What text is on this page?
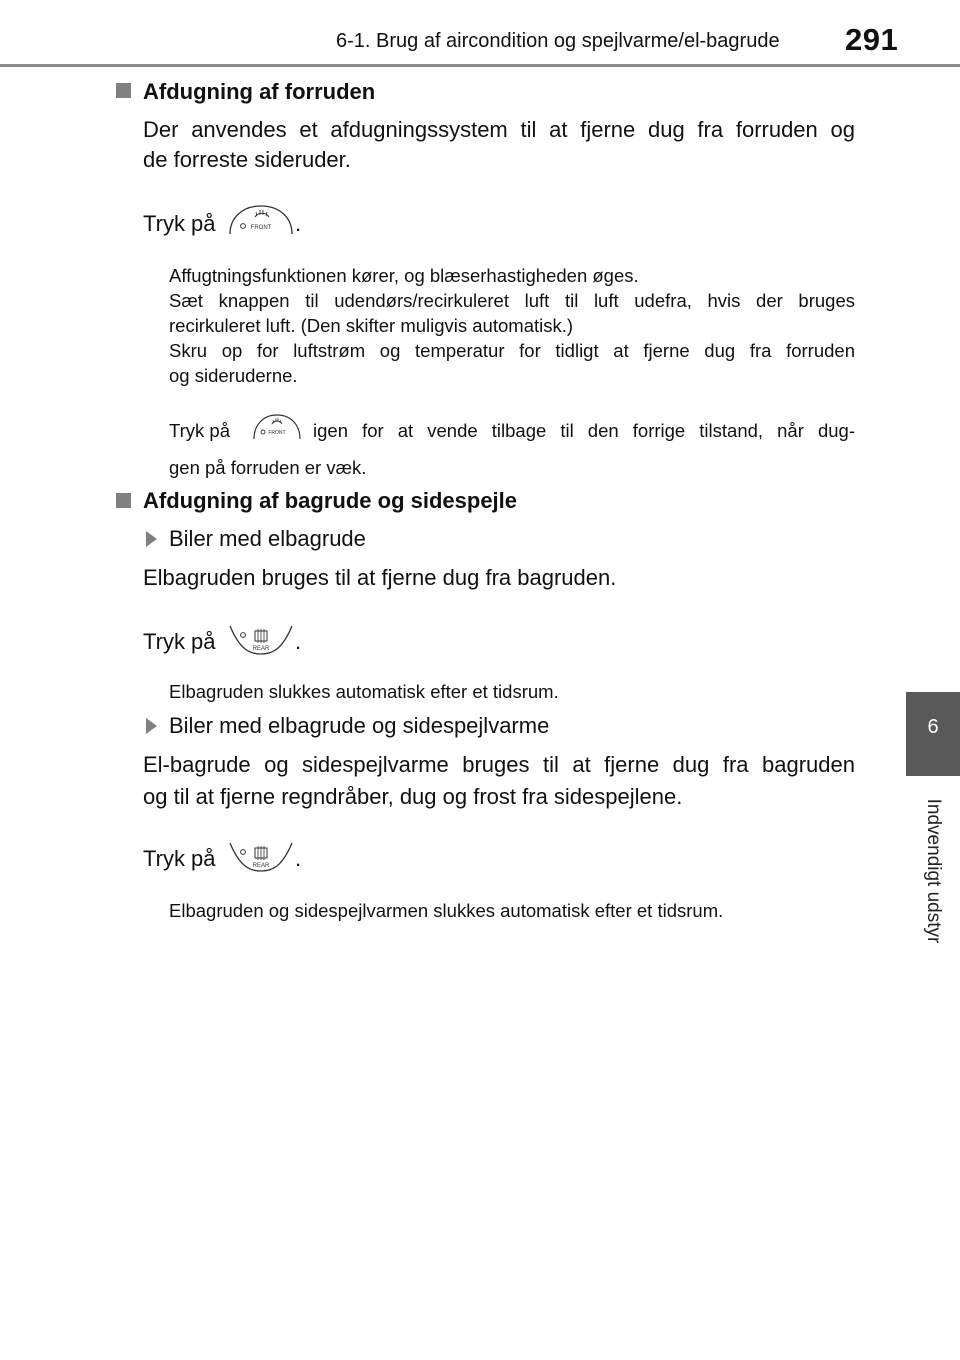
6-1. Brug af aircondition og spejlvarme/el-bagrude 291
6
Indvendigt udstyr
Afdugning af forruden
Der anvendes et afdugningssystem til at fjerne dug fra forruden og
de forreste sideruder.
Tryk på	FRONT .
Affugtningsfunktionen kører, og blæserhastigheden øges.
Sæt knappen til udendørs/recirkuleret luft til luft udefra, hvis der bruges
recirkuleret luft. (Den skifter muligvis automatisk.)
Skru op for luftstrøm og temperatur for tidligt at fjerne dug fra forruden
og sideruderne.
Tryk på	FRONT igen for at vende tilbage til den forrige tilstand, når dug-
gen på forruden er væk.
Afdugning af bagrude og sidespejle
Biler med elbagrude
Elbagruden bruges til at fjerne dug fra bagruden.
Tryk på	REAR .
Elbagruden slukkes automatisk efter et tidsrum.
Biler med elbagrude og sidespejlvarme
El-bagrude og sidespejlvarme bruges til at fjerne dug fra bagruden
og til at fjerne regndråber, dug og frost fra sidespejlene.
Tryk på	REAR .
Elbagruden og sidespejlvarmen slukkes automatisk efter et tidsrum.
